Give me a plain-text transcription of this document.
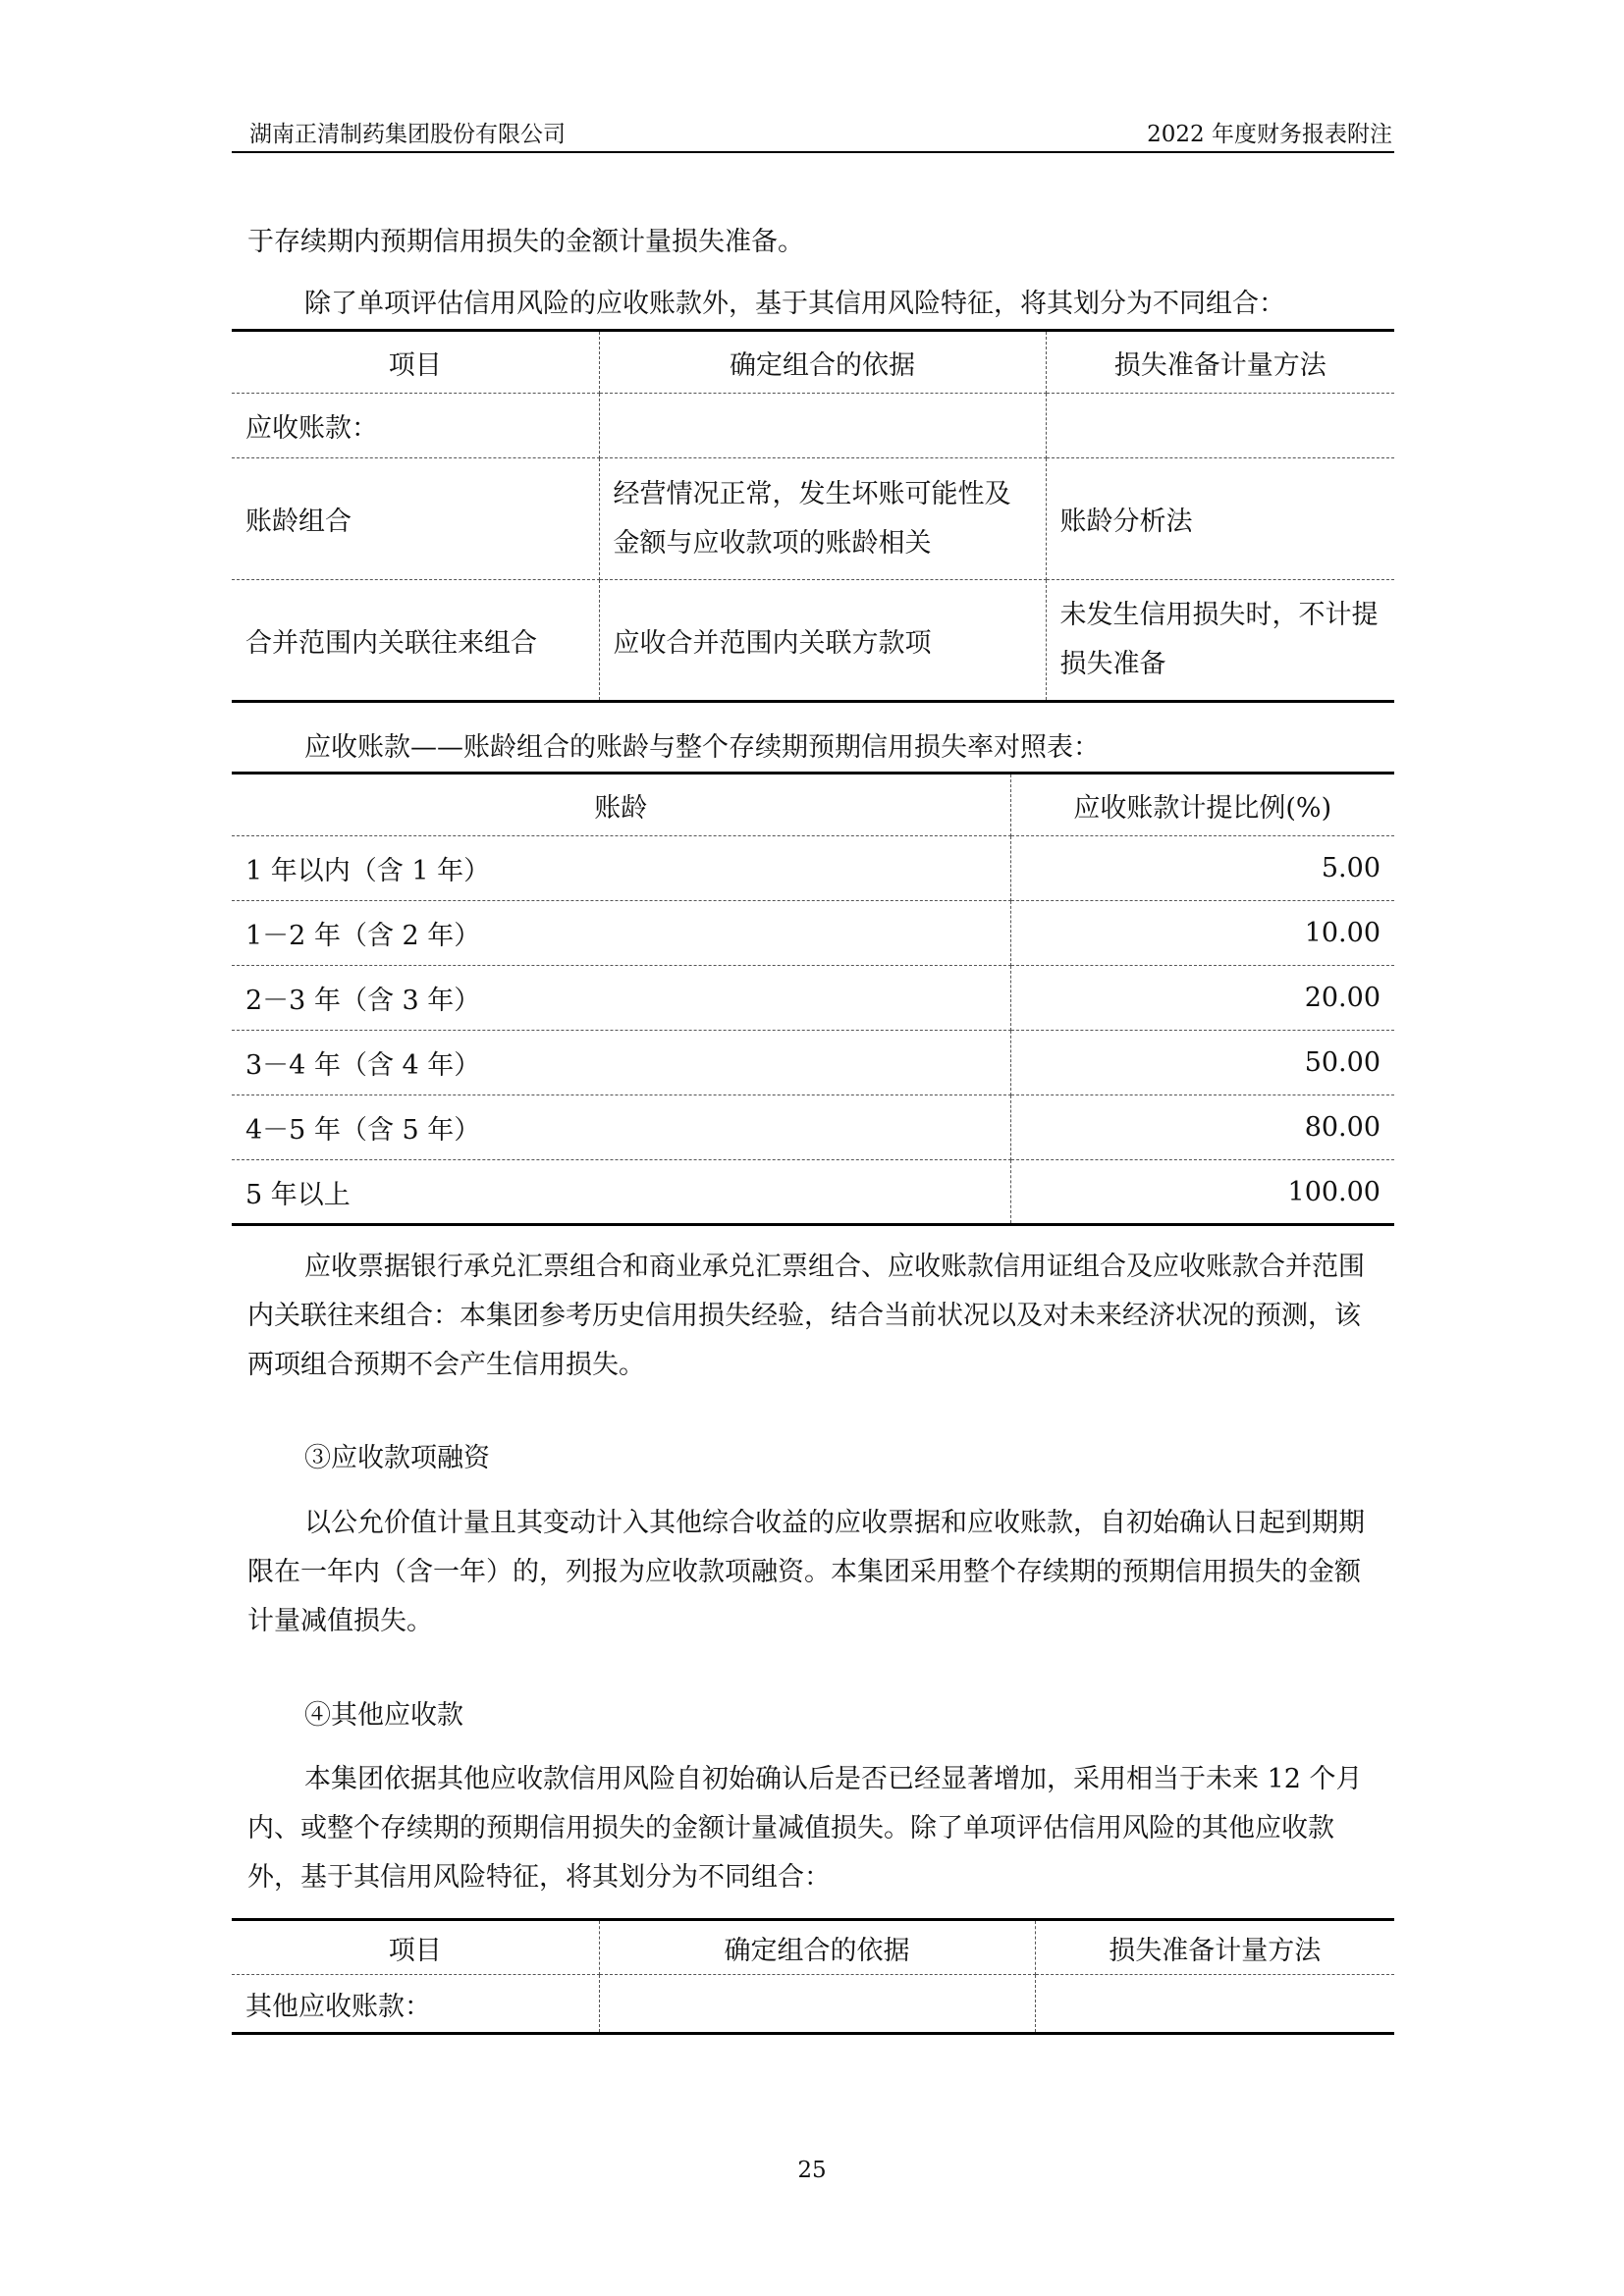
湖南正清制药集团股份有限公司	2022 年度财务报表附注

于存续期内预期信用损失的金额计量损失准备。

除了单项评估信用风险的应收账款外，基于其信用风险特征，将其划分为不同组合：

项目	确定组合的依据	损失准备计量方法
应收账款：		
账龄组合	经营情况正常，发生坏账可能性及金额与应收款项的账龄相关	账龄分析法
合并范围内关联往来组合	应收合并范围内关联方款项	未发生信用损失时，不计提损失准备

应收账款——账龄组合的账龄与整个存续期预期信用损失率对照表：

账龄	应收账款计提比例(%)
1 年以内（含 1 年）	5.00
1－2 年（含 2 年）	10.00
2－3 年（含 3 年）	20.00
3－4 年（含 4 年）	50.00
4－5 年（含 5 年）	80.00
5 年以上	100.00

应收票据银行承兑汇票组合和商业承兑汇票组合、应收账款信用证组合及应收账款合并范围内关联往来组合：本集团参考历史信用损失经验，结合当前状况以及对未来经济状况的预测，该两项组合预期不会产生信用损失。

③应收款项融资

以公允价值计量且其变动计入其他综合收益的应收票据和应收账款，自初始确认日起到期期限在一年内（含一年）的，列报为应收款项融资。本集团采用整个存续期的预期信用损失的金额计量减值损失。

④其他应收款

本集团依据其他应收款信用风险自初始确认后是否已经显著增加，采用相当于未来 12 个月内、或整个存续期的预期信用损失的金额计量减值损失。除了单项评估信用风险的其他应收款外，基于其信用风险特征，将其划分为不同组合：

项目	确定组合的依据	损失准备计量方法
其他应收账款：		
25
